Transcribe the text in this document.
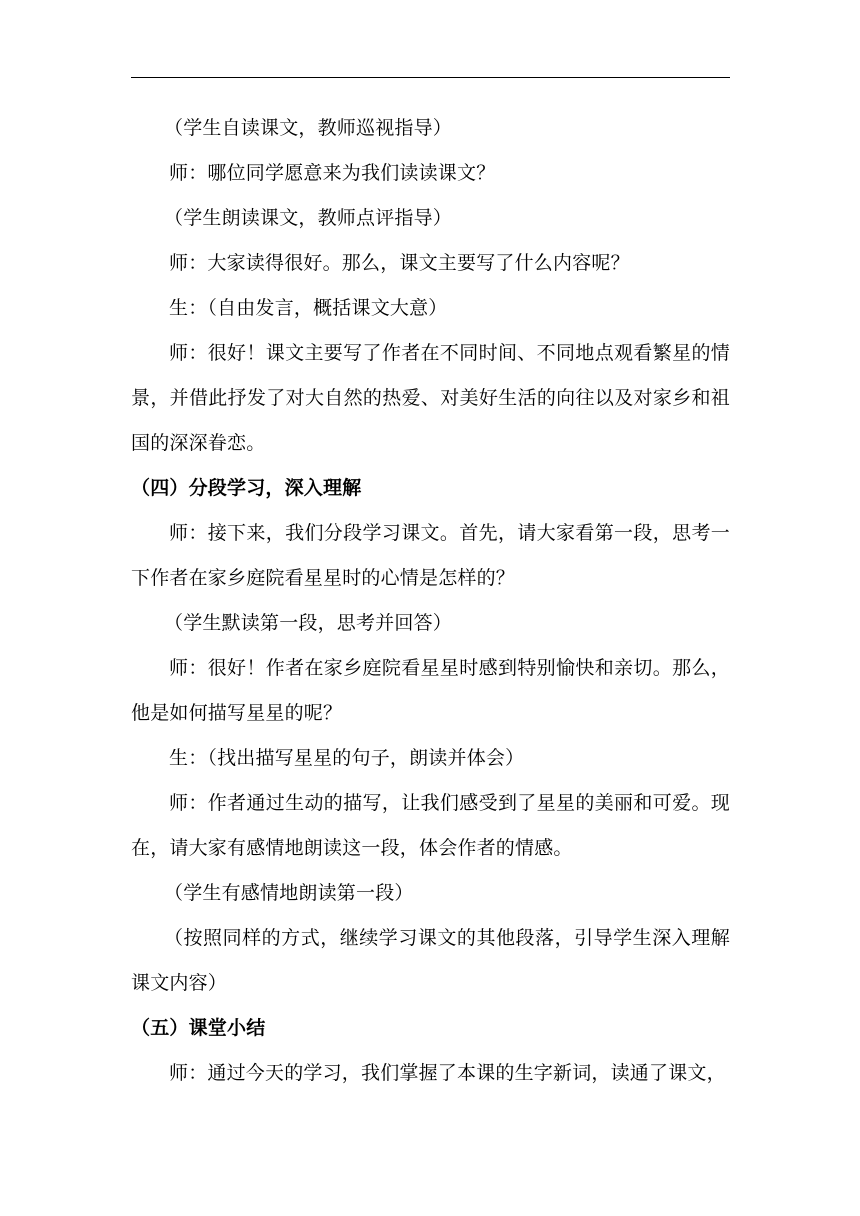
（学生自读课文，教师巡视指导）

师：哪位同学愿意来为我们读读课文？

（学生朗读课文，教师点评指导）

师：大家读得很好。那么，课文主要写了什么内容呢？

生：（自由发言，概括课文大意）

师：很好！课文主要写了作者在不同时间、不同地点观看繁星的情景，并借此抒发了对大自然的热爱、对美好生活的向往以及对家乡和祖国的深深眷恋。

（四）分段学习，深入理解

师：接下来，我们分段学习课文。首先，请大家看第一段，思考一下作者在家乡庭院看星星时的心情是怎样的？

（学生默读第一段，思考并回答）

师：很好！作者在家乡庭院看星星时感到特别愉快和亲切。那么，他是如何描写星星的呢？

生：（找出描写星星的句子，朗读并体会）

师：作者通过生动的描写，让我们感受到了星星的美丽和可爱。现在，请大家有感情地朗读这一段，体会作者的情感。

（学生有感情地朗读第一段）

（按照同样的方式，继续学习课文的其他段落，引导学生深入理解课文内容）

（五）课堂小结

师：通过今天的学习，我们掌握了本课的生字新词，读通了课文，
